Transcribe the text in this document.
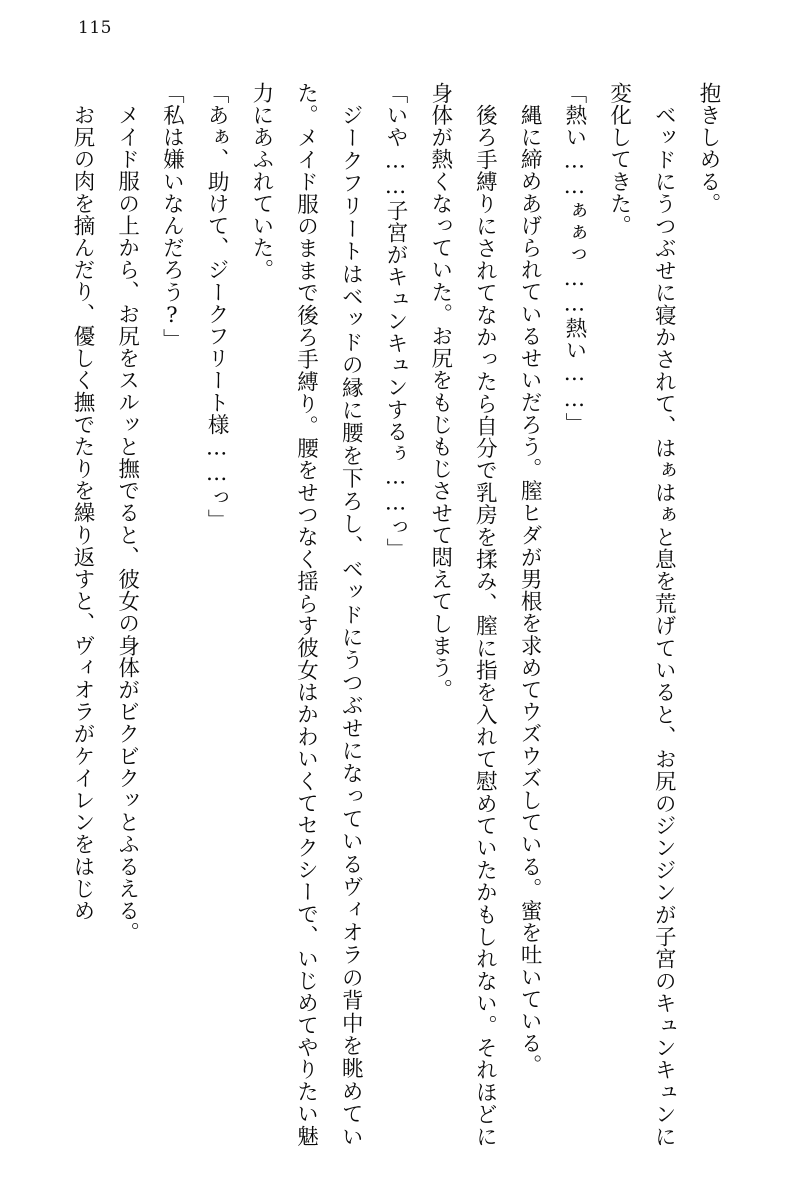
115

抱きしめる。

ベッドにうつぶせに寝かされて、はぁはぁと息を荒げていると、お尻のジンジンが子宮のキュンキュンに変化してきた。

「熱い……ぁぁっ……熱い……」

縄に締めあげられているせいだろう。膣ヒダが男根を求めてウズウズしている。蜜を吐いている。

後ろ手縛りにされてなかったら自分で乳房を揉み、膣に指を入れて慰めていたかもしれない。それほどに身体が熱くなっていた。お尻をもじもじさせて悶えてしまう。

「いや……子宮がキュンキュンするぅ……っ」

ジークフリートはベッドの縁に腰を下ろし、ベッドにうつぶせになっているヴィオラの背中を眺めていた。メイド服のままで後ろ手縛り。腰をせつなく揺らす彼女はかわいくてセクシーで、いじめてやりたい魅力にあふれていた。

「あぁ、助けて、ジークフリート様……っ」

「私は嫌いなんだろう?」

メイド服の上から、お尻をスルッと撫でると、彼女の身体がビクビクッとふるえる。

お尻の肉を摘んだり、優しく撫でたりを繰り返すと、ヴィオラがケイレンをはじめ
